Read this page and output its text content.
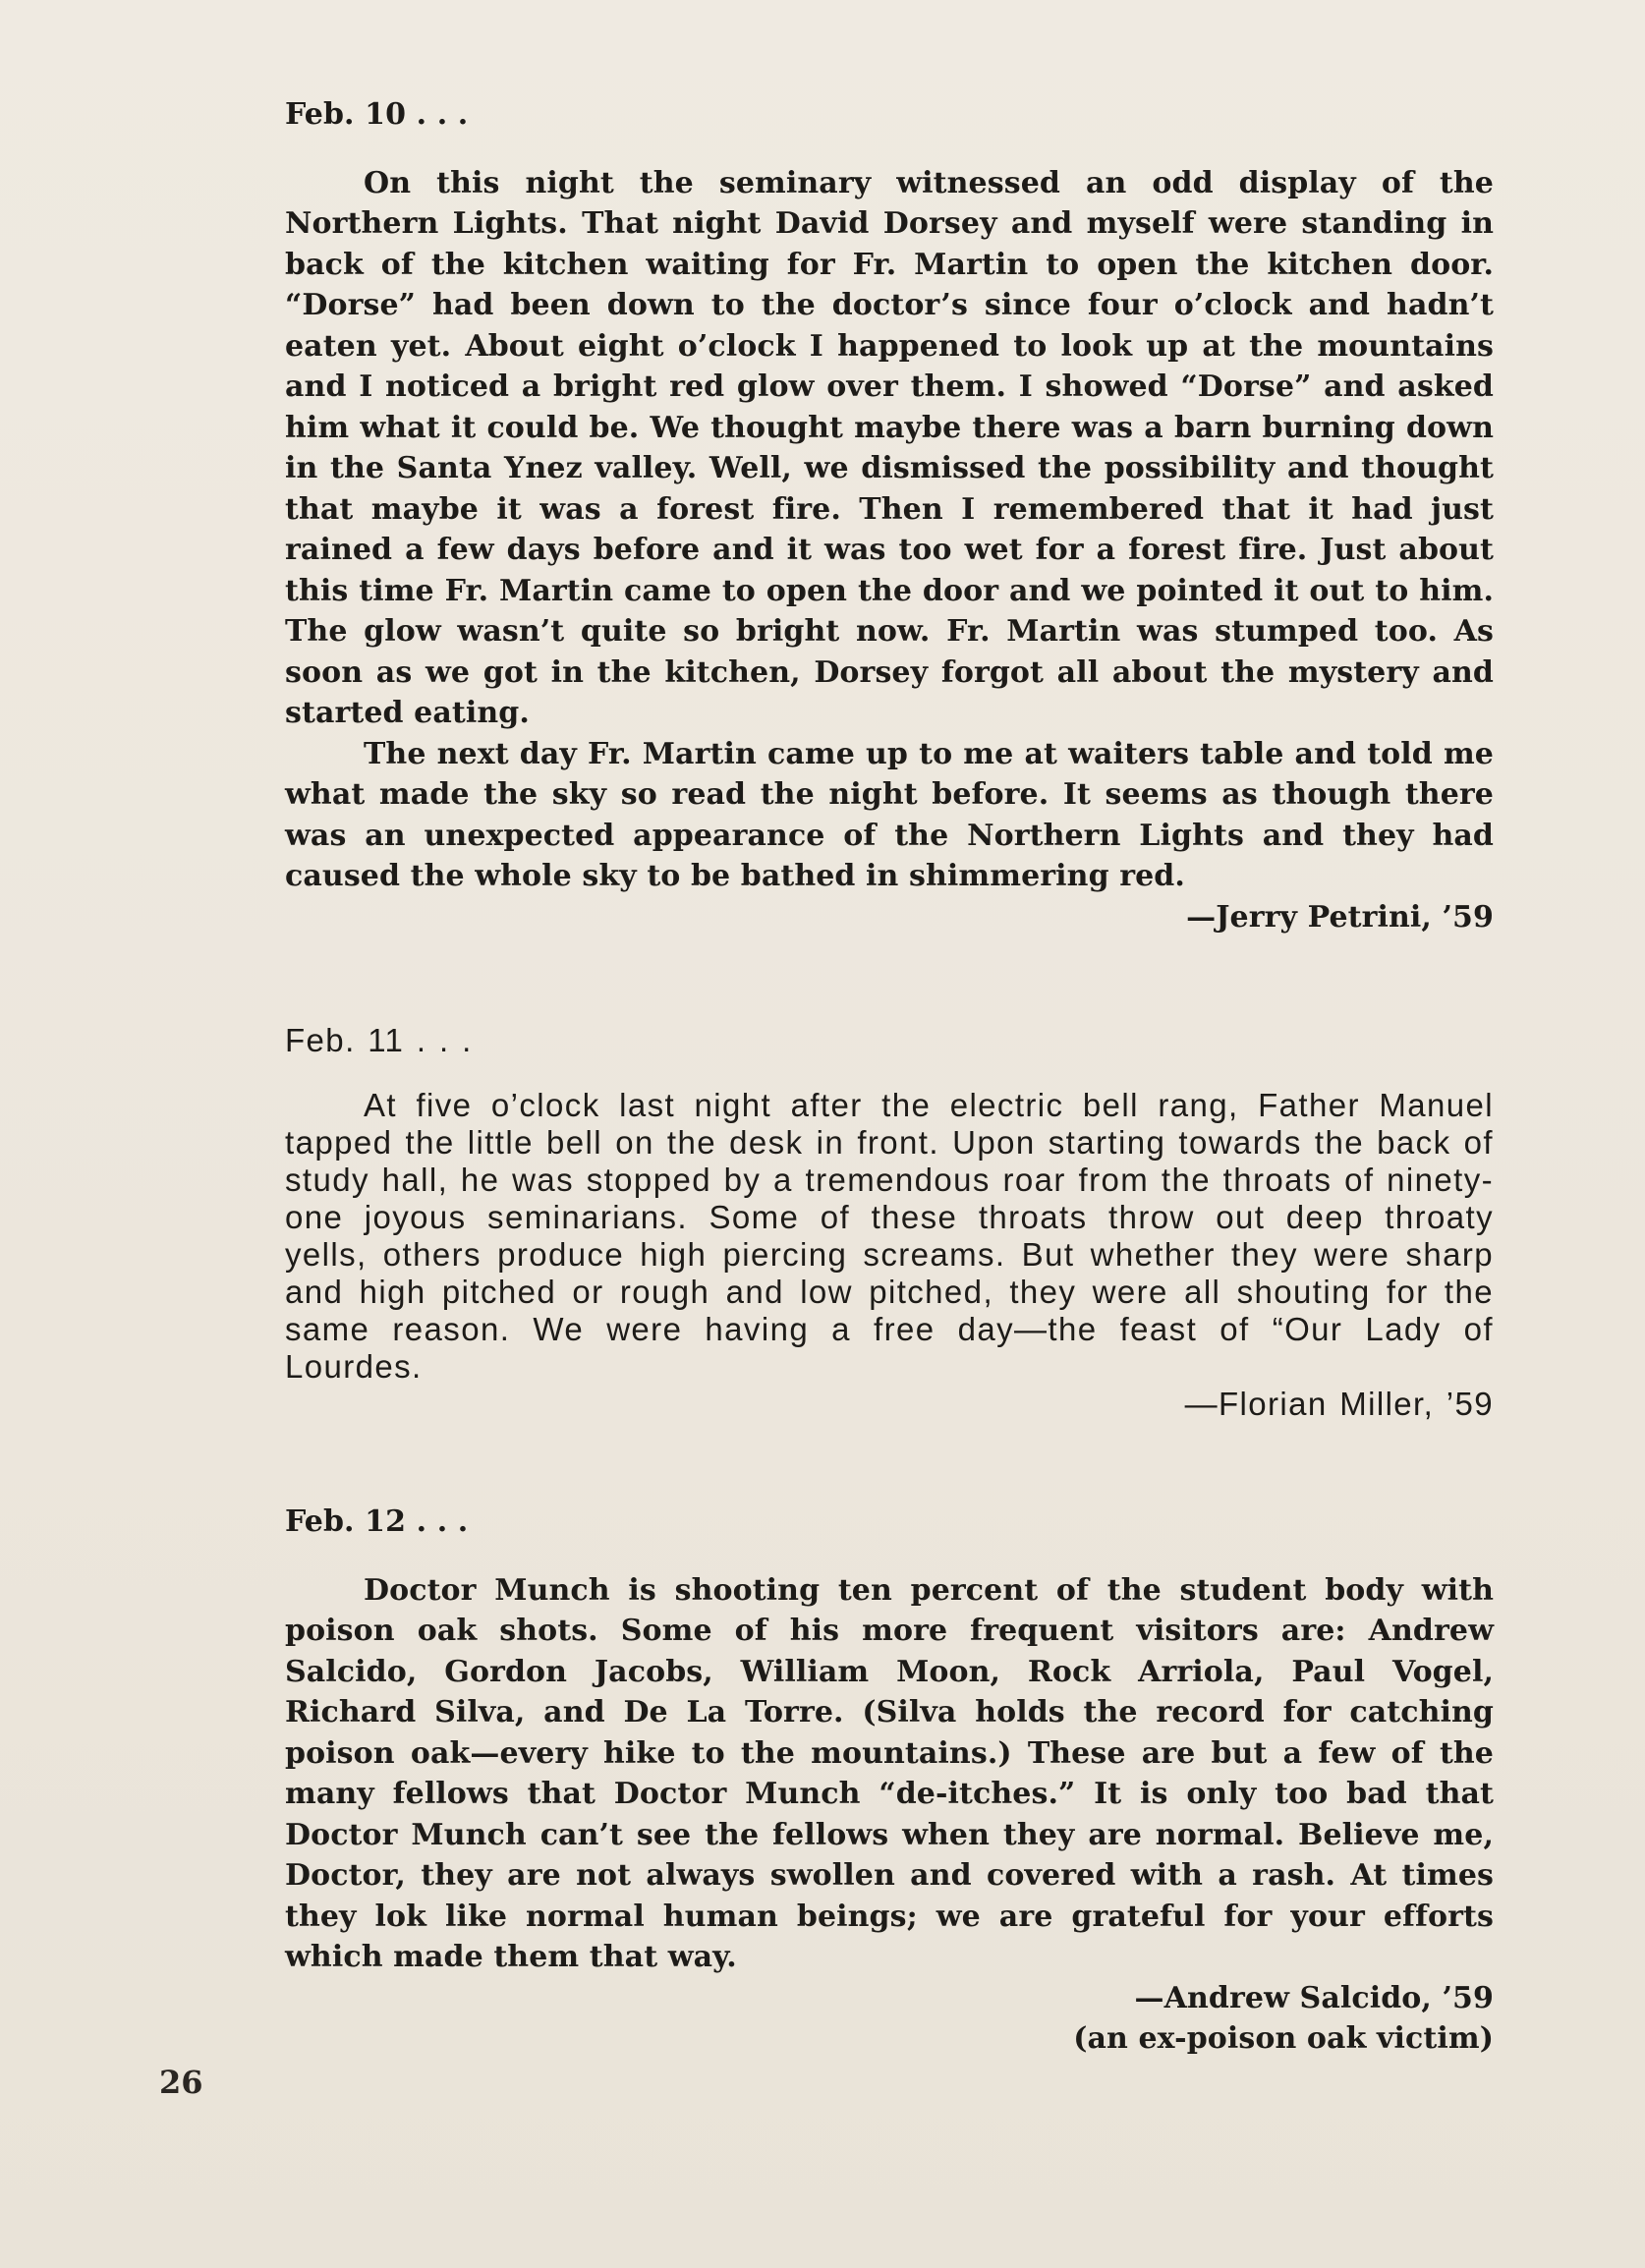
Feb. 10 . . .

On this night the seminary witnessed an odd display of the Northern Lights. That night David Dorsey and myself were standing in back of the kitchen waiting for Fr. Martin to open the kitchen door. “Dorse” had been down to the doctor’s since four o’clock and hadn’t eaten yet. About eight o’clock I happened to look up at the mountains and I noticed a bright red glow over them. I showed “Dorse” and asked him what it could be. We thought maybe there was a barn burning down in the Santa Ynez valley. Well, we dismissed the possibility and thought that maybe it was a forest fire. Then I remembered that it had just rained a few days before and it was too wet for a forest fire. Just about this time Fr. Martin came to open the door and we pointed it out to him. The glow wasn’t quite so bright now. Fr. Martin was stumped too. As soon as we got in the kitchen, Dorsey forgot all about the mystery and started eating.

The next day Fr. Martin came up to me at waiters table and told me what made the sky so read the night before. It seems as though there was an unexpected appearance of the Northern Lights and they had caused the whole sky to be bathed in shimmering red.

—Jerry Petrini, ’59

Feb. 11 . . .

At five o’clock last night after the electric bell rang, Father Manuel tapped the little bell on the desk in front. Upon starting towards the back of study hall, he was stopped by a tremendous roar from the throats of ninety-one joyous seminarians. Some of these throats throw out deep throaty yells, others produce high piercing screams. But whether they were sharp and high pitched or rough and low pitched, they were all shouting for the same reason. We were having a free day—the feast of “Our Lady of Lourdes.

—Florian Miller, ’59

Feb. 12 . . .

Doctor Munch is shooting ten percent of the student body with poison oak shots. Some of his more frequent visitors are: Andrew Salcido, Gordon Jacobs, William Moon, Rock Arriola, Paul Vogel, Richard Silva, and De La Torre. (Silva holds the record for catching poison oak—every hike to the mountains.) These are but a few of the many fellows that Doctor Munch “de-itches.” It is only too bad that Doctor Munch can’t see the fellows when they are normal. Believe me, Doctor, they are not always swollen and covered with a rash. At times they lok like normal human beings; we are grateful for your efforts which made them that way.

—Andrew Salcido, ’59

(an ex-poison oak victim)

26
